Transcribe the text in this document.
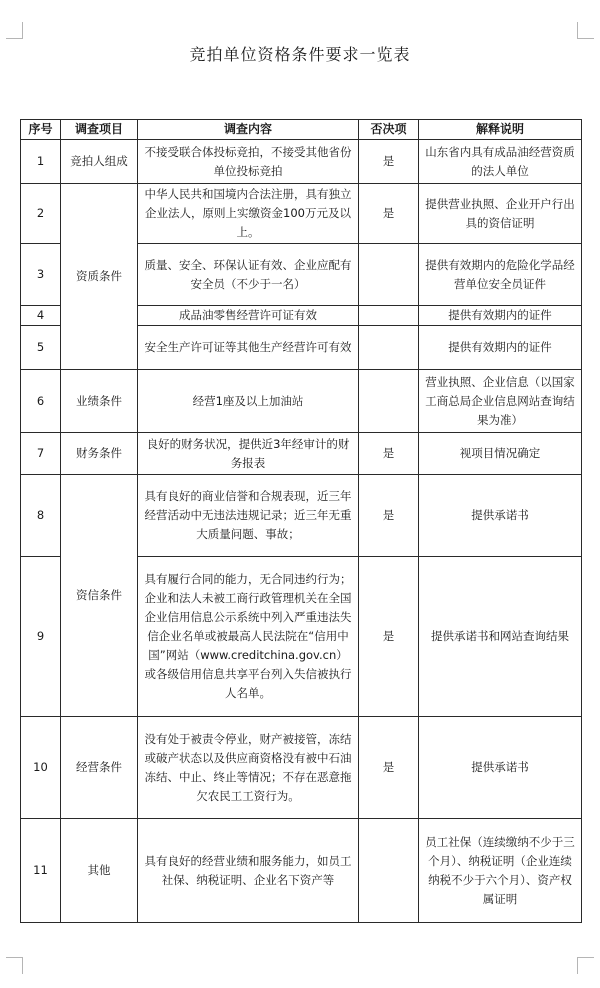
竞拍单位资格条件要求一览表
序号	调查项目	调查内容	否决项	解释说明
1	竞拍人组成	不接受联合体投标竞拍，不接受其他省份单位投标竞拍	是	山东省内具有成品油经营资质的法人单位
2	资质条件	中华人民共和国境内合法注册，具有独立企业法人，原则上实缴资金100万元及以上。	是	提供营业执照、企业开户行出具的资信证明
3		质量、安全、环保认证有效、企业应配有安全员（不少于一名）		提供有效期内的危险化学品经营单位安全员证件
4		成品油零售经营许可证有效		提供有效期内的证件
5		安全生产许可证等其他生产经营许可有效		提供有效期内的证件
6	业绩条件	经营1座及以上加油站		营业执照、企业信息（以国家工商总局企业信息网站查询结果为准）
7	财务条件	良好的财务状况，提供近3年经审计的财务报表	是	视项目情况确定
8	资信条件	具有良好的商业信誉和合规表现，近三年经营活动中无违法违规记录；近三年无重大质量问题、事故；	是	提供承诺书
9		具有履行合同的能力，无合同违约行为；企业和法人未被工商行政管理机关在全国企业信用信息公示系统中列入严重违法失信企业名单或被最高人民法院在“信用中国”网站（www.creditchina.gov.cn）或各级信用信息共享平台列入失信被执行人名单。	是	提供承诺书和网站查询结果
10	经营条件	没有处于被责令停业，财产被接管，冻结或破产状态以及供应商资格没有被中石油冻结、中止、终止等情况；不存在恶意拖欠农民工工资行为。	是	提供承诺书
11	其他	具有良好的经营业绩和服务能力，如员工社保、纳税证明、企业名下资产等		员工社保（连续缴纳不少于三个月）、纳税证明（企业连续纳税不少于六个月）、资产权属证明
